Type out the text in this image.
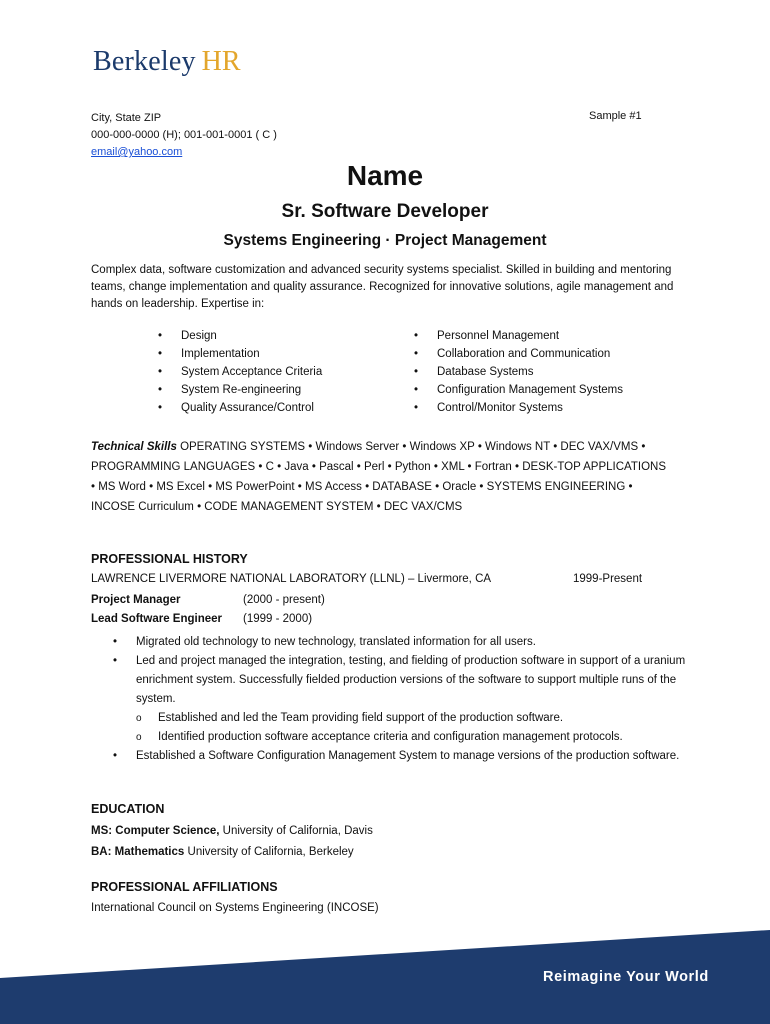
Berkeley HR
City, State ZIP
000-000-0000 (H); 001-001-0001 ( C )
email@yahoo.com
Sample #1
Name
Sr. Software Developer
Systems Engineering · Project Management
Complex data, software customization and advanced security systems specialist. Skilled in building and mentoring teams, change implementation and quality assurance. Recognized for innovative solutions, agile management and hands on leadership. Expertise in:
• Design
• Implementation
• System Acceptance Criteria
• System Re-engineering
• Quality Assurance/Control
• Personnel Management
• Collaboration and Communication
• Database Systems
• Configuration Management Systems
• Control/Monitor Systems
Technical Skills OPERATING SYSTEMS • Windows Server • Windows XP • Windows NT • DEC VAX/VMS • PROGRAMMING LANGUAGES • C • Java • Pascal • Perl • Python • XML • Fortran • DESK-TOP APPLICATIONS • MS Word • MS Excel • MS PowerPoint • MS Access • DATABASE • Oracle • SYSTEMS ENGINEERING • INCOSE Curriculum • CODE MANAGEMENT SYSTEM • DEC VAX/CMS
PROFESSIONAL HISTORY
LAWRENCE LIVERMORE NATIONAL LABORATORY (LLNL) – Livermore, CA	1999-Present
Project Manager	(2000 - present)
Lead Software Engineer (1999 - 2000)
• Migrated old technology to new technology, translated information for all users.
• Led and project managed the integration, testing, and fielding of production software in support of a uranium enrichment system. Successfully fielded production versions of the software to support multiple runs of the system.
o Established and led the Team providing field support of the production software.
o Identified production software acceptance criteria and configuration management protocols.
• Established a Software Configuration Management System to manage versions of the production software.
EDUCATION
MS: Computer Science, University of California, Davis
BA: Mathematics University of California, Berkeley
PROFESSIONAL AFFILIATIONS
International Council on Systems Engineering (INCOSE)
Reimagine Your World
